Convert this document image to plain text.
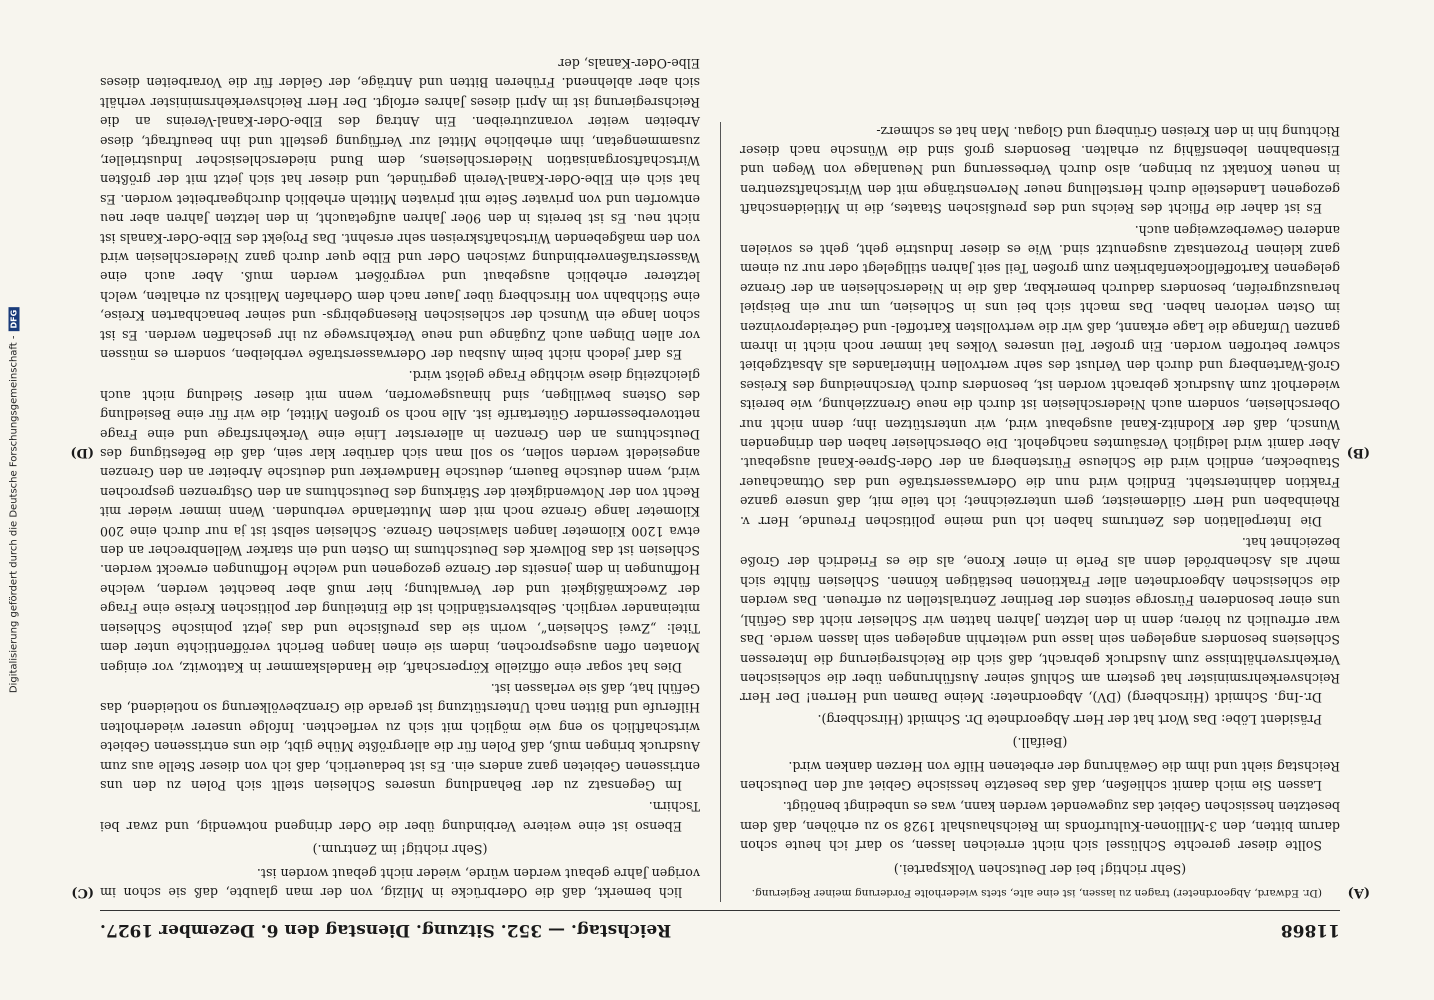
11868
Reichstag. — 352. Sitzung. Dienstag den 6. Dezember 1927.

(Dr. Edward, Abgeordneter) tragen zu lassen, ist eine alte, stets wiederholte Forderung meiner Regierung.

(Sehr richtig! bei der Deutschen Volkspartei.)

Sollte dieser gerechte Schlüssel sich nicht erreichen lassen, so darf ich heute schon darum bitten, den 3-Millionen-Kulturfonds im Reichshaushalt 1928 so zu erhöhen, daß dem besetzten hessischen Gebiet das zugewendet werden kann, was es unbedingt benötigt.

Lassen Sie mich damit schließen, daß das besetzte hessische Gebiet auf den Deutschen Reichstag sieht und ihm die Gewährung der erbetenen Hilfe von Herzen danken wird.

(Beifall.)

Präsident Löbe: Das Wort hat der Herr Abgeordnete Dr. Schmidt (Hirschberg).

Dr.-Ing. Schmidt (Hirschberg) (DV), Abgeordneter: Meine Damen und Herren! Der Herr Reichsverkehrsminister hat gestern am Schluß seiner Ausführungen über die schlesischen Verkehrsverhältnisse zum Ausdruck gebracht, daß sich die Reichsregierung die Interessen Schlesiens besonders angelegen sein lasse und weiterhin angelegen sein lassen werde. Das war erfreulich zu hören; denn in den letzten Jahren hatten wir Schlesier nicht das Gefühl, uns einer besonderen Fürsorge seitens der Berliner Zentralstellen zu erfreuen. Das werden die schlesischen Abgeordneten aller Fraktionen bestätigen können. Schlesien fühlte sich mehr als Aschenbrödel denn als Perle in einer Krone, als die es Friedrich der Große bezeichnet hat.

Die Interpellation des Zentrums haben ich und meine politischen Freunde, Herr v. Rheinbaben und Herr Gildemeister, gern unterzeichnet; ich teile mit, daß unsere ganze Fraktion dahintersteht. Endlich wird nun die Oderwasserstraße und das Ottmachauer Staubecken, endlich wird die Schleuse Fürstenberg an der Oder-Spree-Kanal ausgebaut. Aber damit wird lediglich Versäumtes nachgeholt. Die Oberschlesier haben den dringenden Wunsch, daß der Klodnitz-Kanal ausgebaut wird, wir unterstützen ihn; denn nicht nur Oberschlesien, sondern auch Niederschlesien ist durch die neue Grenzziehung, wie bereits wiederholt zum Ausdruck gebracht worden ist, besonders durch Verschneidung des Kreises Groß-Wartenberg und durch den Verlust des sehr wertvollen Hinterlandes als Absatzgebiet schwer betroffen worden. Ein großer Teil unseres Volkes hat immer noch nicht in ihrem ganzen Umfange die Lage erkannt, daß wir die wertvollsten Kartoffel- und Getreideprovinzen im Osten verloren haben. Das macht sich bei uns in Schlesien, um nur ein Beispiel herauszugreifen, besonders dadurch bemerkbar, daß die in Niederschlesien an der Grenze gelegenen Kartoffelflockenfabriken zum großen Teil seit Jahren stillgelegt oder nur zu einem ganz kleinen Prozentsatz ausgenutzt sind. Wie es dieser Industrie geht, geht es sovielen anderen Gewerbezweigen auch.

Es ist daher die Pflicht des Reichs und des preußischen Staates, die in Mitleidenschaft gezogenen Landesteile durch Herstellung neuer Nervenstränge mit den Wirtschaftszentren in neuen Kontakt zu bringen, also durch Verbesserung und Neuanlage von Wegen und Eisenbahnen lebensfähig zu erhalten. Besonders groß sind die Wünsche nach dieser Richtung hin in den Kreisen Grünberg und Glogau. Man hat es schmerz-

lich bemerkt, daß die Oderbrücke in Milzig, von der man glaubte, daß sie schon im vorigen Jahre gebaut werden würde, wieder nicht gebaut worden ist.

(Sehr richtig! im Zentrum.)

Ebenso ist eine weitere Verbindung über die Oder dringend notwendig, und zwar bei Tschirn.

Im Gegensatz zu der Behandlung unseres Schlesien stellt sich Polen zu den uns entrissenen Gebieten ganz anders ein. Es ist bedauerlich, daß ich von dieser Stelle aus zum Ausdruck bringen muß, daß Polen für die allergrößte Mühe gibt, die uns entrissenen Gebiete wirtschaftlich so eng wie möglich mit sich zu verflechten. Infolge unserer wiederholten Hilferufe und Bitten nach Unterstützung ist gerade die Grenzbevölkerung so notleidend, das Gefühl hat, daß sie verlassen ist.

Dies hat sogar eine offizielle Körperschaft, die Handelskammer in Kattowitz, vor einigen Monaten offen ausgesprochen, indem sie einen langen Bericht veröffentlichte unter dem Titel: „Zwei Schlesien“, worin sie das preußische und das jetzt polnische Schlesien miteinander verglich. Selbstverständlich ist die Einteilung der politischen Kreise eine Frage der Zweckmäßigkeit und der Verwaltung; hier muß aber beachtet werden, welche Hoffnungen in dem jenseits der Grenze gezogenen und welche Hoffnungen erweckt werden. Schlesien ist das Bollwerk des Deutschtums im Osten und ein starker Wellenbrecher an den etwa 1200 Kilometer langen slawischen Grenze. Schlesien selbst ist ja nur durch eine 200 Kilometer lange Grenze noch mit dem Mutterlande verbunden. Wenn immer wieder mit Recht von der Notwendigkeit der Stärkung des Deutschtums an den Ostgrenzen gesprochen wird, wenn deutsche Bauern, deutsche Handwerker und deutsche Arbeiter an den Grenzen angesiedelt werden sollen, so soll man sich darüber klar sein, daß die Befestigung des Deutschtums an den Grenzen in allererster Linie eine Verkehrsfrage und eine Frage nettoverbessernder Gütertarife ist. Alle noch so großen Mittel, die wir für eine Besiedlung des Ostens bewilligen, sind hinausgeworfen, wenn mit dieser Siedlung nicht auch gleichzeitig diese wichtige Frage gelöst wird.

Es darf jedoch nicht beim Ausbau der Oderwasserstraße verbleiben, sondern es müssen vor allen Dingen auch Zugänge und neue Verkehrswege zu ihr geschaffen werden. Es ist schon lange ein Wunsch der schlesischen Riesengebirgs- und seiner benachbarten Kreise, eine Stichbahn von Hirschberg über Jauer nach dem Oderhafen Malitsch zu erhalten, welch letzterer erheblich ausgebaut und vergrößert werden muß. Aber auch eine Wasserstraßenverbindung zwischen Oder und Elbe quer durch ganz Niederschlesien wird von den maßgebenden Wirtschaftskreisen sehr ersehnt. Das Projekt des Elbe-Oder-Kanals ist nicht neu. Es ist bereits in den 90er Jahren aufgetaucht, in den letzten Jahren aber neu entworfen und von privater Seite mit privaten Mitteln erheblich durchgearbeitet worden. Es hat sich ein Elbe-Oder-Kanal-Verein gegründet, und dieser hat sich jetzt mit der größten Wirtschaftsorganisation Niederschlesiens, dem Bund niederschlesischer Industrieller, zusammengetan, ihm erhebliche Mittel zur Verfügung gestellt und ihn beauftragt, diese Arbeiten weiter voranzutreiben. Ein Antrag des Elbe-Oder-Kanal-Vereins an die Reichsregierung ist im April dieses Jahres erfolgt. Der Herr Reichsverkehrsminister verhält sich aber ablehnend. Früheren Bitten und Anträge, der Gelder für die Vorarbeiten dieses Elbe-Oder-Kanals, der

(A)
(B)
(C)
(D)
Digitalisierung gefördert durch die Deutsche Forschungsgemeinschaft -DFG
